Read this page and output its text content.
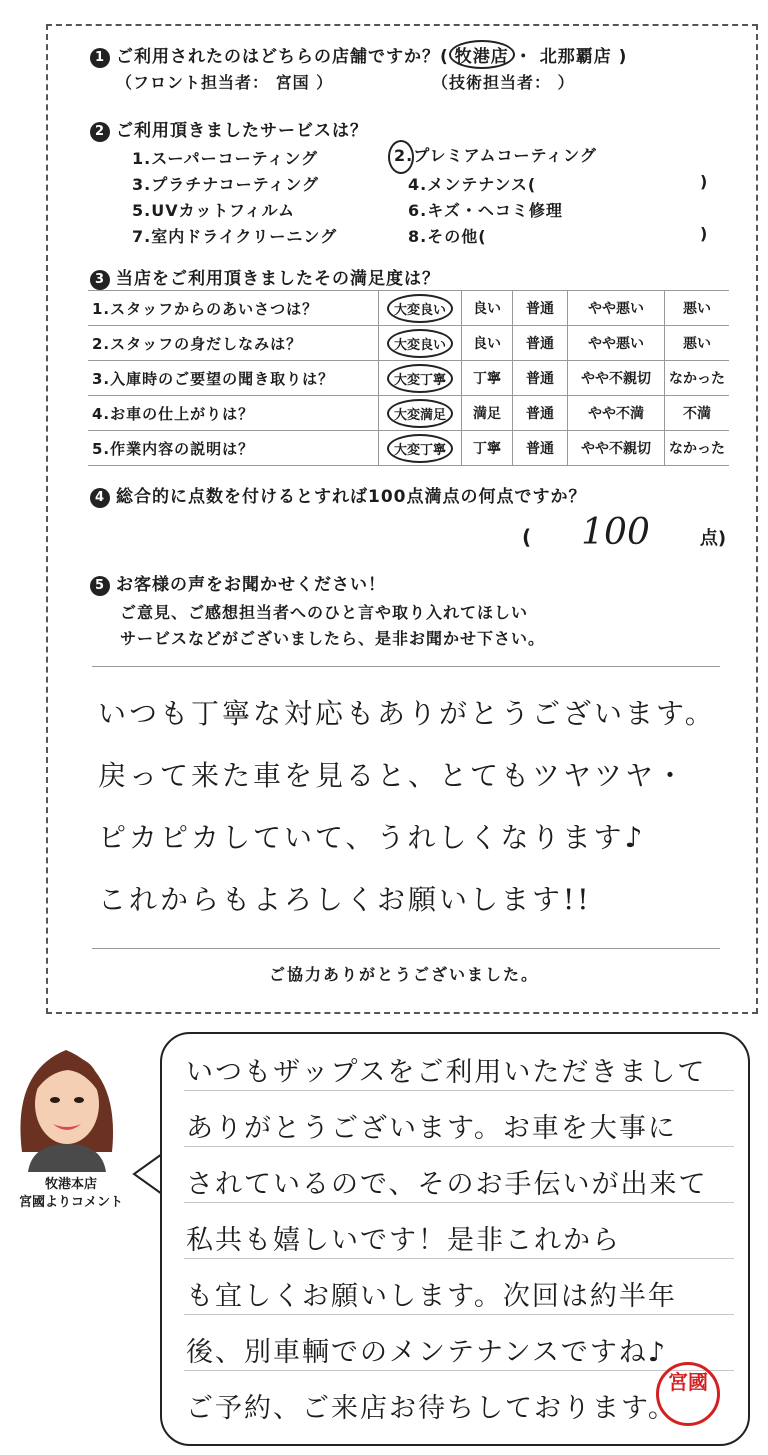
1 ご利用されたのはどちらの店舗ですか？( 牧港店 ・ 北那覇店 )
（フロント担当者： 宮国 ）	（技術担当者： ）
2 ご利用頂きましたサービスは？
1.スーパーコーティング	2.プレミアムコーティング
3.プラチナコーティング	4.メンテナンス(	)
5.UVカットフィルム	6.キズ・ヘコミ修理
7.室内ドライクリーニング	8.その他(	)
3 当店をご利用頂きましたその満足度は？
1.スタッフからのあいさつは？	大変良い	良い	普通	やや悪い	悪い
2.スタッフの身だしなみは？	大変良い	良い	普通	やや悪い	悪い
3.入庫時のご要望の聞き取りは？	大変丁寧	丁寧	普通	やや不親切	なかった
4.お車の仕上がりは？	大変満足	満足	普通	やや不満	不満
5.作業内容の説明は？	大変丁寧	丁寧	普通	やや不親切	なかった
4 総合的に点数を付けるとすれば100点満点の何点ですか？
( 100	点)
5 お客様の声をお聞かせください！
ご意見、ご感想担当者へのひと言や取り入れてほしい
サービスなどがございましたら、是非お聞かせ下さい。
いつも丁寧な対応もありがとうございます。
戻って来た車を見ると、とてもツヤツヤ・
ピカピカしていて、うれしくなります♪
これからもよろしくお願いします!!
ご協力ありがとうございました。
牧港本店
宮國よりコメント
いつもザップスをご利用いただきまして
ありがとうございます。お車を大事に
されているので、そのお手伝いが出来て
私共も嬉しいです！是非これから
も宜しくお願いします。次回は約半年
後、別車輌でのメンテナンスですね♪
ご予約、ご来店お待ちしております。
宮國
